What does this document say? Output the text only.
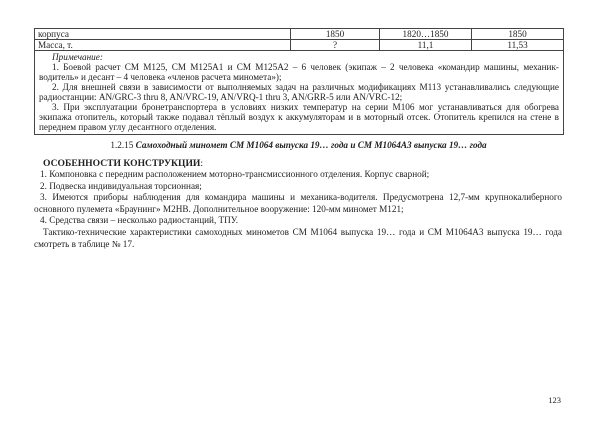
корпуса	1850	1820…1850	1850
Масса, т.	?	11,1	11,53

Примечание:

1. Боевой расчет СМ М125, СМ М125А1 и СМ М125А2 – 6 человек (экипаж – 2 человека «командир машины, механик-водитель» и десант – 4 человека «членов расчета миномета»);

2. Для внешней связи в зависимости от выполняемых задач на различных модификациях М113 устанавливались следующие радиостанции: AN/GRC-3 thru 8, AN/VRC-19, AN/VRQ-1 thru 3, AN/GRR-5 или AN/VRC-12;

3. При эксплуатации бронетранспортера в условиях низких температур на серии М106 мог устанавливаться для обогрева экипажа отопитель, который также подавал тёплый воздух к аккумуляторам и в моторный отсек. Отопитель крепился на стене в переднем правом углу десантного отделения.			

1.2.15 Самоходный миномет СМ М1064 выпуска 19… года и СМ М1064А3 выпуска 19… года
ОСОБЕННОСТИ КОНСТРУКЦИИ:

1. Компоновка с передним расположением моторно-трансмиссионного отделения. Корпус сварной;

2. Подвеска индивидуальная торсионная;

3. Имеются приборы наблюдения для командира машины и механика-водителя. Предусмотрена 12,7-мм крупнокалиберного основного пулемета «Браунинг» M2HB. Дополнительное вооружение: 120-мм миномет М121;

4. Средства связи – несколько радиостанций, ТПУ.

Тактико-технические характеристики самоходных минометов СМ М1064 выпуска 19… года и СМ М1064А3 выпуска 19… года смотреть в таблице № 17.

123
